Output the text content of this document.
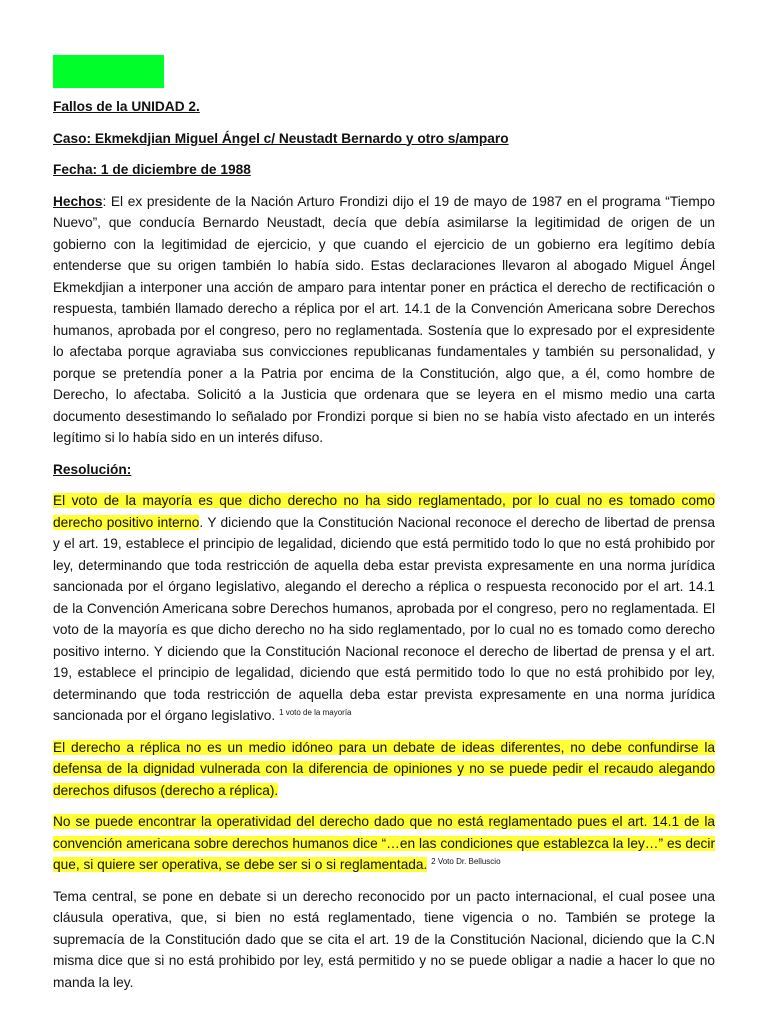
Fallos de la UNIDAD 2.

Caso: Ekmekdjian Miguel Ángel c/ Neustadt Bernardo y otro s/amparo

Fecha: 1 de diciembre de 1988

Hechos: El ex presidente de la Nación Arturo Frondizi dijo el 19 de mayo de 1987 en el programa “Tiempo Nuevo”, que conducía Bernardo Neustadt, decía que debía asimilarse la legitimidad de origen de un gobierno con la legitimidad de ejercicio, y que cuando el ejercicio de un gobierno era legítimo debía entenderse que su origen también lo había sido. Estas declaraciones llevaron al abogado Miguel Ángel Ekmekdjian a interponer una acción de amparo para intentar poner en práctica el derecho de rectificación o respuesta, también llamado derecho a réplica por el art. 14.1 de la Convención Americana sobre Derechos humanos, aprobada por el congreso, pero no reglamentada. Sostenía que lo expresado por el expresidente lo afectaba porque agraviaba sus convicciones republicanas fundamentales y también su personalidad, y porque se pretendía poner a la Patria por encima de la Constitución, algo que, a él, como hombre de Derecho, lo afectaba. Solicitó a la Justicia que ordenara que se leyera en el mismo medio una carta documento desestimando lo señalado por Frondizi porque si bien no se había visto afectado en un interés legítimo si lo había sido en un interés difuso.

Resolución:

El voto de la mayoría es que dicho derecho no ha sido reglamentado, por lo cual no es tomado como derecho positivo interno. Y diciendo que la Constitución Nacional reconoce el derecho de libertad de prensa y el art. 19, establece el principio de legalidad, diciendo que está permitido todo lo que no está prohibido por ley, determinando que toda restricción de aquella deba estar prevista expresamente en una norma jurídica sancionada por el órgano legislativo, alegando el derecho a réplica o respuesta reconocido por el art. 14.1 de la Convención Americana sobre Derechos humanos, aprobada por el congreso, pero no reglamentada. El voto de la mayoría es que dicho derecho no ha sido reglamentado, por lo cual no es tomado como derecho positivo interno. Y diciendo que la Constitución Nacional reconoce el derecho de libertad de prensa y el art. 19, establece el principio de legalidad, diciendo que está permitido todo lo que no está prohibido por ley, determinando que toda restricción de aquella deba estar prevista expresamente en una norma jurídica sancionada por el órgano legislativo. $^{1 voto de la mayoría}$

El derecho a réplica no es un medio idóneo para un debate de ideas diferentes, no debe confundirse la defensa de la dignidad vulnerada con la diferencia de opiniones y no se puede pedir el recaudo alegando derechos difusos (derecho a réplica).

No se puede encontrar la operatividad del derecho dado que no está reglamentado pues el art. 14.1 de la convención americana sobre derechos humanos dice “…en las condiciones que establezca la ley…” es decir que, si quiere ser operativa, se debe ser si o si reglamentada. $^{2 Voto Dr. Belluscio}$

Tema central, se pone en debate si un derecho reconocido por un pacto internacional, el cual posee una cláusula operativa, que, si bien no está reglamentado, tiene vigencia o no. También se protege la supremacía de la Constitución dado que se cita el art. 19 de la Constitución Nacional, diciendo que la C.N misma dice que si no está prohibido por ley, está permitido y no se puede obligar a nadie a hacer lo que no manda la ley.
